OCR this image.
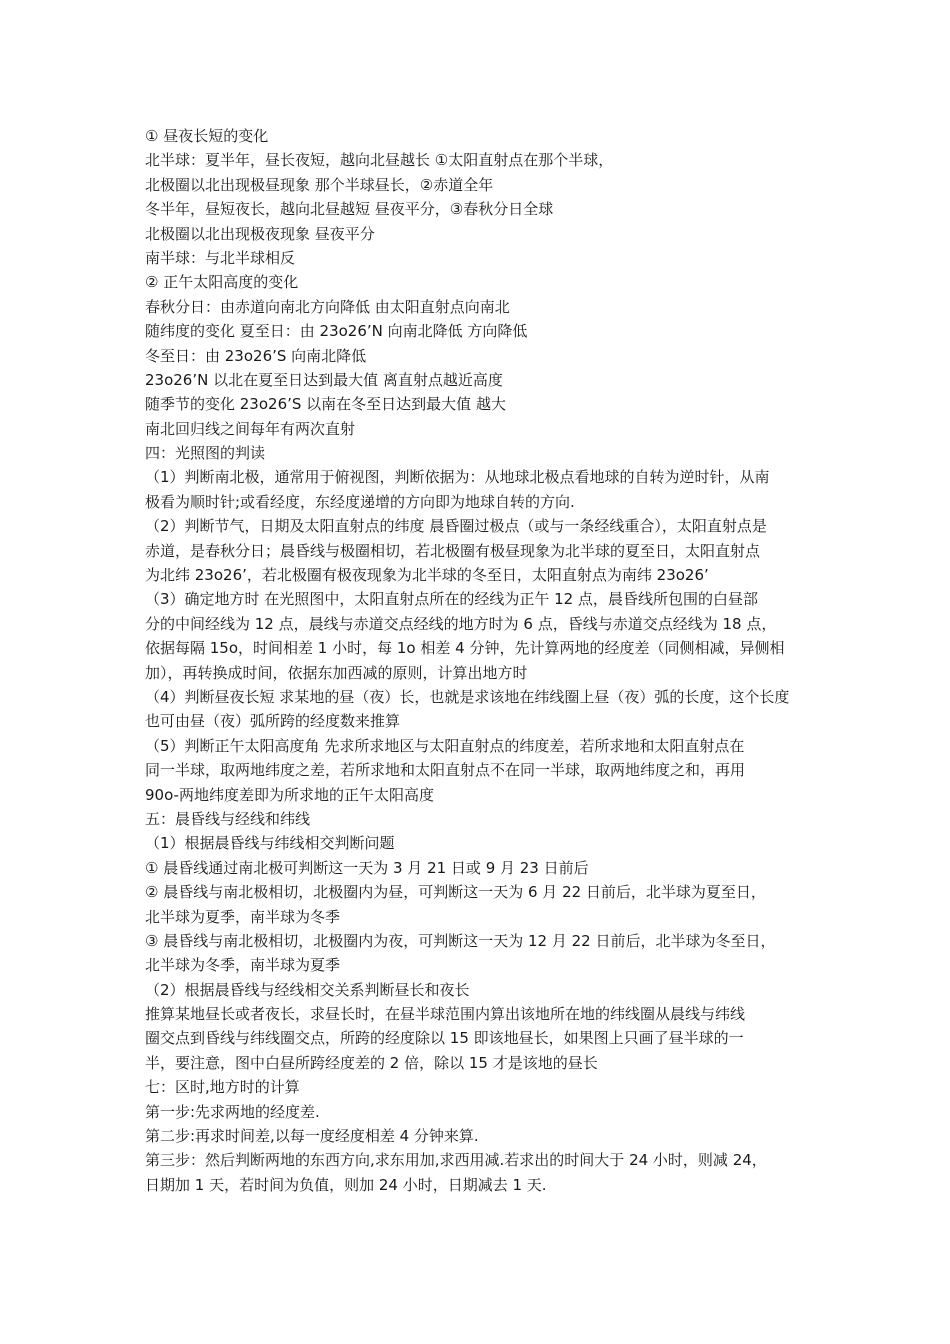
① 昼夜长短的变化
北半球：夏半年，昼长夜短，越向北昼越长 ①太阳直射点在那个半球，
北极圈以北出现极昼现象 那个半球昼长，②赤道全年
冬半年，昼短夜长，越向北昼越短 昼夜平分，③春秋分日全球
北极圈以北出现极夜现象 昼夜平分
南半球：与北半球相反
② 正午太阳高度的变化
春秋分日：由赤道向南北方向降低 由太阳直射点向南北
随纬度的变化 夏至日：由 23o26’N 向南北降低 方向降低
冬至日：由 23o26’S 向南北降低
23o26’N 以北在夏至日达到最大值 离直射点越近高度
随季节的变化 23o26’S 以南在冬至日达到最大值 越大
南北回归线之间每年有两次直射
四：光照图的判读
（1）判断南北极，通常用于俯视图，判断依据为：从地球北极点看地球的自转为逆时针，从南
极看为顺时针;或看经度，东经度递增的方向即为地球自转的方向.
（2）判断节气，日期及太阳直射点的纬度 晨昏圈过极点（或与一条经线重合），太阳直射点是
赤道，是春秋分日；晨昏线与极圈相切，若北极圈有极昼现象为北半球的夏至日，太阳直射点
为北纬 23o26’，若北极圈有极夜现象为北半球的冬至日，太阳直射点为南纬 23o26’
（3）确定地方时 在光照图中，太阳直射点所在的经线为正午 12 点，晨昏线所包围的白昼部
分的中间经线为 12 点，晨线与赤道交点经线的地方时为 6 点，昏线与赤道交点经线为 18 点，
依据每隔 15o，时间相差 1 小时，每 1o 相差 4 分钟，先计算两地的经度差（同侧相减，异侧相
加），再转换成时间，依据东加西减的原则，计算出地方时
（4）判断昼夜长短 求某地的昼（夜）长，也就是求该地在纬线圈上昼（夜）弧的长度，这个长度
也可由昼（夜）弧所跨的经度数来推算
（5）判断正午太阳高度角 先求所求地区与太阳直射点的纬度差，若所求地和太阳直射点在
同一半球，取两地纬度之差，若所求地和太阳直射点不在同一半球，取两地纬度之和，再用
90o-两地纬度差即为所求地的正午太阳高度
五：晨昏线与经线和纬线
（1）根据晨昏线与纬线相交判断问题
① 晨昏线通过南北极可判断这一天为 3 月 21 日或 9 月 23 日前后
② 晨昏线与南北极相切，北极圈内为昼，可判断这一天为 6 月 22 日前后，北半球为夏至日，
北半球为夏季，南半球为冬季
③ 晨昏线与南北极相切，北极圈内为夜，可判断这一天为 12 月 22 日前后，北半球为冬至日，
北半球为冬季，南半球为夏季
（2）根据晨昏线与经线相交关系判断昼长和夜长
推算某地昼长或者夜长，求昼长时，在昼半球范围内算出该地所在地的纬线圈从晨线与纬线
圈交点到昏线与纬线圈交点，所跨的经度除以 15 即该地昼长，如果图上只画了昼半球的一
半，要注意，图中白昼所跨经度差的 2 倍，除以 15 才是该地的昼长
七：区时,地方时的计算
第一步:先求两地的经度差.
第二步:再求时间差,以每一度经度相差 4 分钟来算.
第三步：然后判断两地的东西方向,求东用加,求西用减.若求出的时间大于 24 小时，则减 24，
日期加 1 天，若时间为负值，则加 24 小时，日期减去 1 天.
